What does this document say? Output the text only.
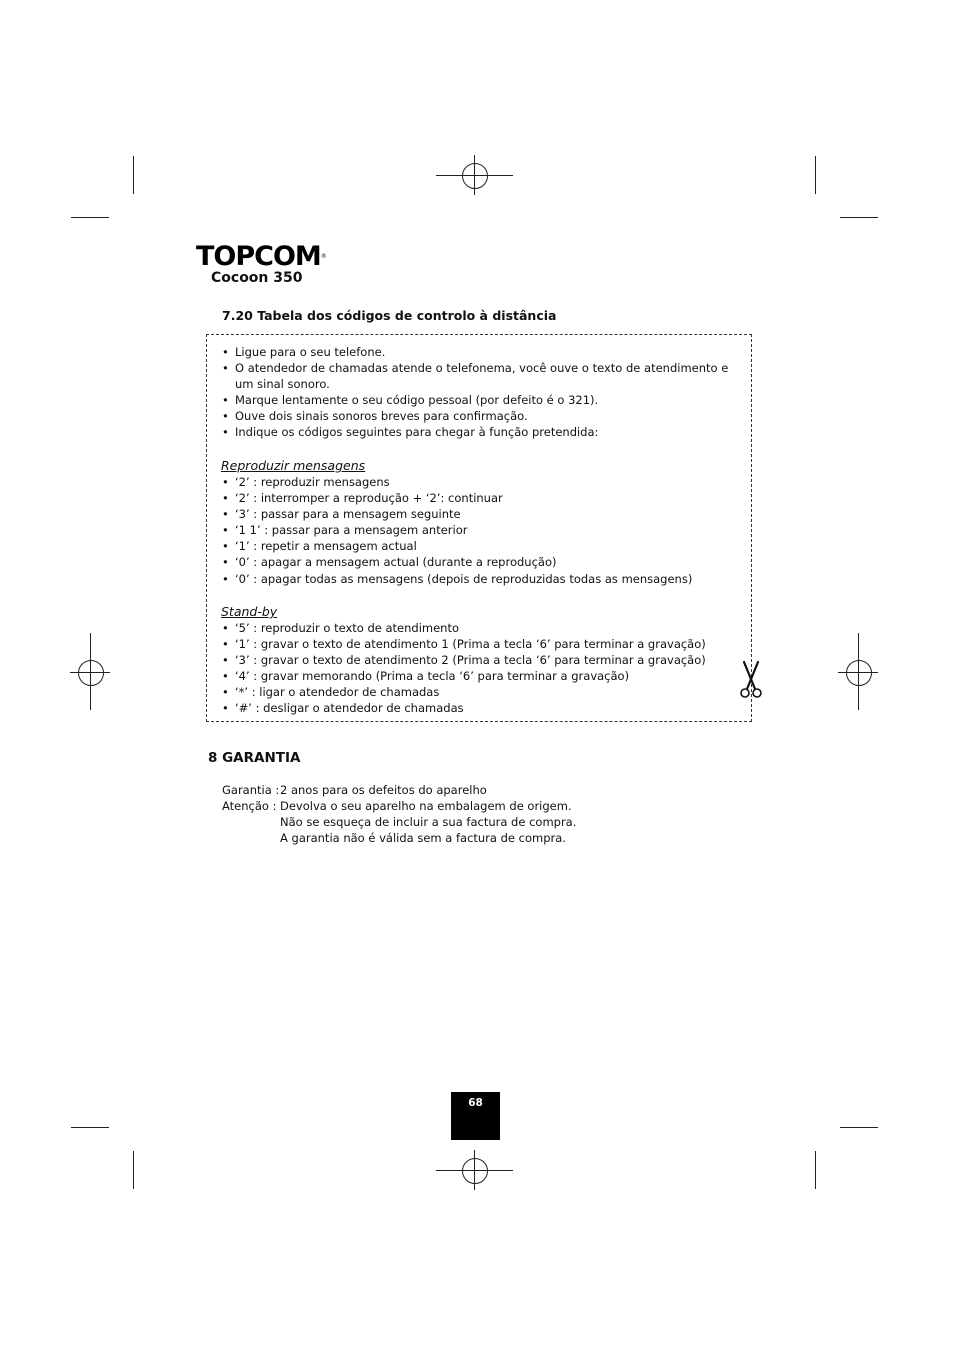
TOPCOM®
Cocoon 350
7.20 Tabela dos códigos de controlo à distância
• Ligue para o seu telefone.
• O atendedor de chamadas atende o telefonema, você ouve o texto de atendimento e um sinal sonoro.
• Marque lentamente o seu código pessoal (por defeito é o 321).
• Ouve dois sinais sonoros breves para confirmação.
• Indique os códigos seguintes para chegar à função pretendida:
Reproduzir mensagens
• ‘2’ : reproduzir mensagens
• ‘2’ : interromper a reprodução + ‘2’: continuar
• ‘3’ : passar para a mensagem seguinte
• ‘1 1’ : passar para a mensagem anterior
• ‘1’ : repetir a mensagem actual
• ‘0’ : apagar a mensagem actual (durante a reprodução)
• ‘0’ : apagar todas as mensagens (depois de reproduzidas todas as mensagens)
Stand-by
• ‘5’ : reproduzir o texto de atendimento
• ‘1’ : gravar o texto de atendimento 1 (Prima a tecla ‘6’ para terminar a gravação)
• ‘3’ : gravar o texto de atendimento 2 (Prima a tecla ‘6’ para terminar a gravação)
• ‘4’ : gravar memorando (Prima a tecla ‘6’ para terminar a gravação)
• ‘*’ : ligar o atendedor de chamadas
• ‘#’ : desligar o atendedor de chamadas
8 GARANTIA
Garantia : 2 anos para os defeitos do aparelho
Atenção : Devolva o seu aparelho na embalagem de origem.
Não se esqueça de incluir a sua factura de compra.
A garantia não é válida sem a factura de compra.
68
